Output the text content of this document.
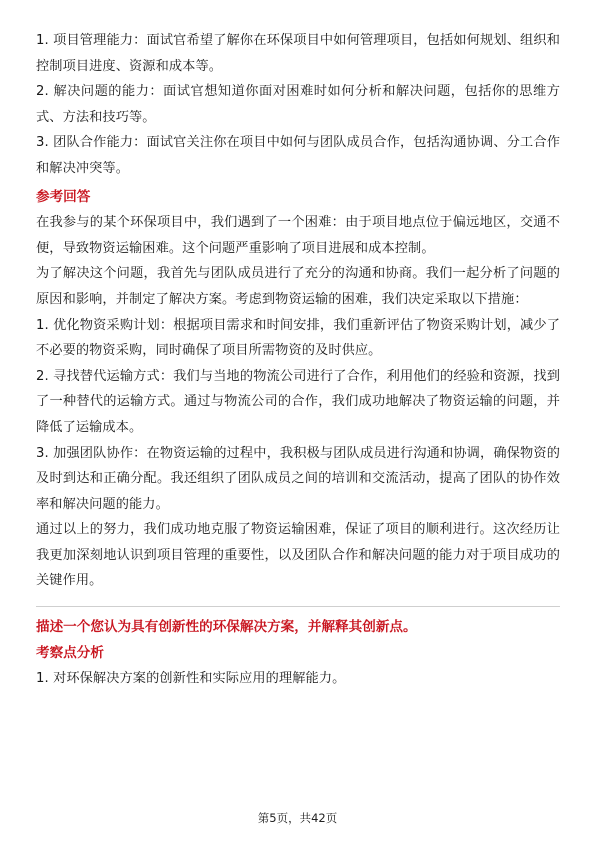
1. 项目管理能力：面试官希望了解你在环保项目中如何管理项目，包括如何规划、组织和控制项目进度、资源和成本等。

2. 解决问题的能力：面试官想知道你面对困难时如何分析和解决问题，包括你的思维方式、方法和技巧等。

3. 团队合作能力：面试官关注你在项目中如何与团队成员合作，包括沟通协调、分工合作和解决冲突等。

参考回答

在我参与的某个环保项目中，我们遇到了一个困难：由于项目地点位于偏远地区，交通不便，导致物资运输困难。这个问题严重影响了项目进展和成本控制。

为了解决这个问题，我首先与团队成员进行了充分的沟通和协商。我们一起分析了问题的原因和影响，并制定了解决方案。考虑到物资运输的困难，我们决定采取以下措施：

1. 优化物资采购计划：根据项目需求和时间安排，我们重新评估了物资采购计划，减少了不必要的物资采购，同时确保了项目所需物资的及时供应。

2. 寻找替代运输方式：我们与当地的物流公司进行了合作，利用他们的经验和资源，找到了一种替代的运输方式。通过与物流公司的合作，我们成功地解决了物资运输的问题，并降低了运输成本。

3. 加强团队协作：在物资运输的过程中，我积极与团队成员进行沟通和协调，确保物资的及时到达和正确分配。我还组织了团队成员之间的培训和交流活动，提高了团队的协作效率和解决问题的能力。

通过以上的努力，我们成功地克服了物资运输困难，保证了项目的顺利进行。这次经历让我更加深刻地认识到项目管理的重要性，以及团队合作和解决问题的能力对于项目成功的关键作用。

描述一个您认为具有创新性的环保解决方案，并解释其创新点。

考察点分析

1. 对环保解决方案的创新性和实际应用的理解能力。

第5页，共42页
